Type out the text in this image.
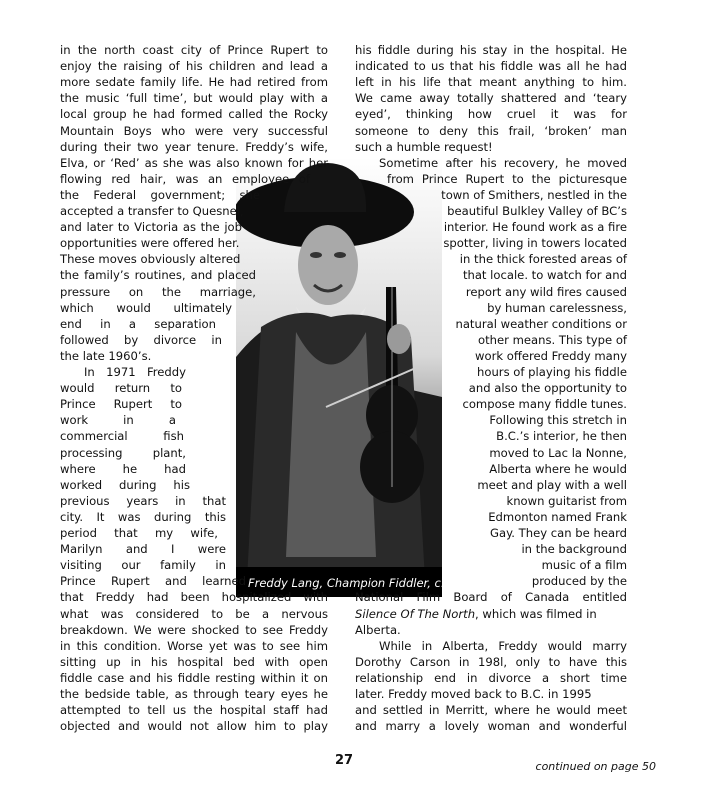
Freddy Lang, Champion Fiddler, c. 1950
in the north coast city of Prince Rupert to
enjoy the raising of his children and lead a
more sedate family life. He had retired from
the music ‘full time’, but would play with a
local group he had formed called the Rocky
Mountain Boys who were very successful
during their two year tenure. Freddy’s wife,
Elva, or ‘Red’ as she was also known for her
flowing red hair, was an employee of
the Federal government; she
accepted a transfer to Quesnel,
and later to Victoria as the job
opportunities were offered her.
These moves obviously altered
the family’s routines, and placed
pressure on the marriage,
which would ultimately
end in a separation
followed by divorce in
the late 1960’s.
In 1971 Freddy
would return to
Prince Rupert to
work in a
commercial fish
processing plant,
where he had
worked during his
previous years in that
city. It was during this
period that my wife,
Marilyn and I were
visiting our family in
Prince Rupert and learned
that Freddy had been hospitalized with
what was considered to be a nervous
breakdown. We were shocked to see Freddy
in this condition. Worse yet was to see him
sitting up in his hospital bed with open
fiddle case and his fiddle resting within it on
the bedside table, as through teary eyes he
attempted to tell us the hospital staff had
objected and would not allow him to play
his fiddle during his stay in the hospital. He
indicated to us that his fiddle was all he had
left in his life that meant anything to him.
We came away totally shattered and ‘teary
eyed’, thinking how cruel it was for
someone to deny this frail, ‘broken’ man
such a humble request!
Sometime after his recovery, he moved
from Prince Rupert to the picturesque
town of Smithers, nestled in the
beautiful Bulkley Valley of BC’s
interior. He found work as a fire
spotter, living in towers located
in the thick forested areas of
that locale. to watch for and
report any wild fires caused
by human carelessness,
natural weather conditions or
other means. This type of
work offered Freddy many
hours of playing his fiddle
and also the opportunity to
compose many fiddle tunes.
Following this stretch in
B.C.’s interior, he then
moved to Lac la Nonne,
Alberta where he would
meet and play with a well
known guitarist from
Edmonton named Frank
Gay. They can be heard
in the background
music of a film
produced by the
National Film Board of Canada entitled
Silence Of The North, which was filmed in
Alberta.
While in Alberta, Freddy would marry
Dorothy Carson in 198l, only to have this
relationship end in divorce a short time
later. Freddy moved back to B.C. in 1995
and settled in Merritt, where he would meet
and marry a lovely woman and wonderful
27	continued on page 50
